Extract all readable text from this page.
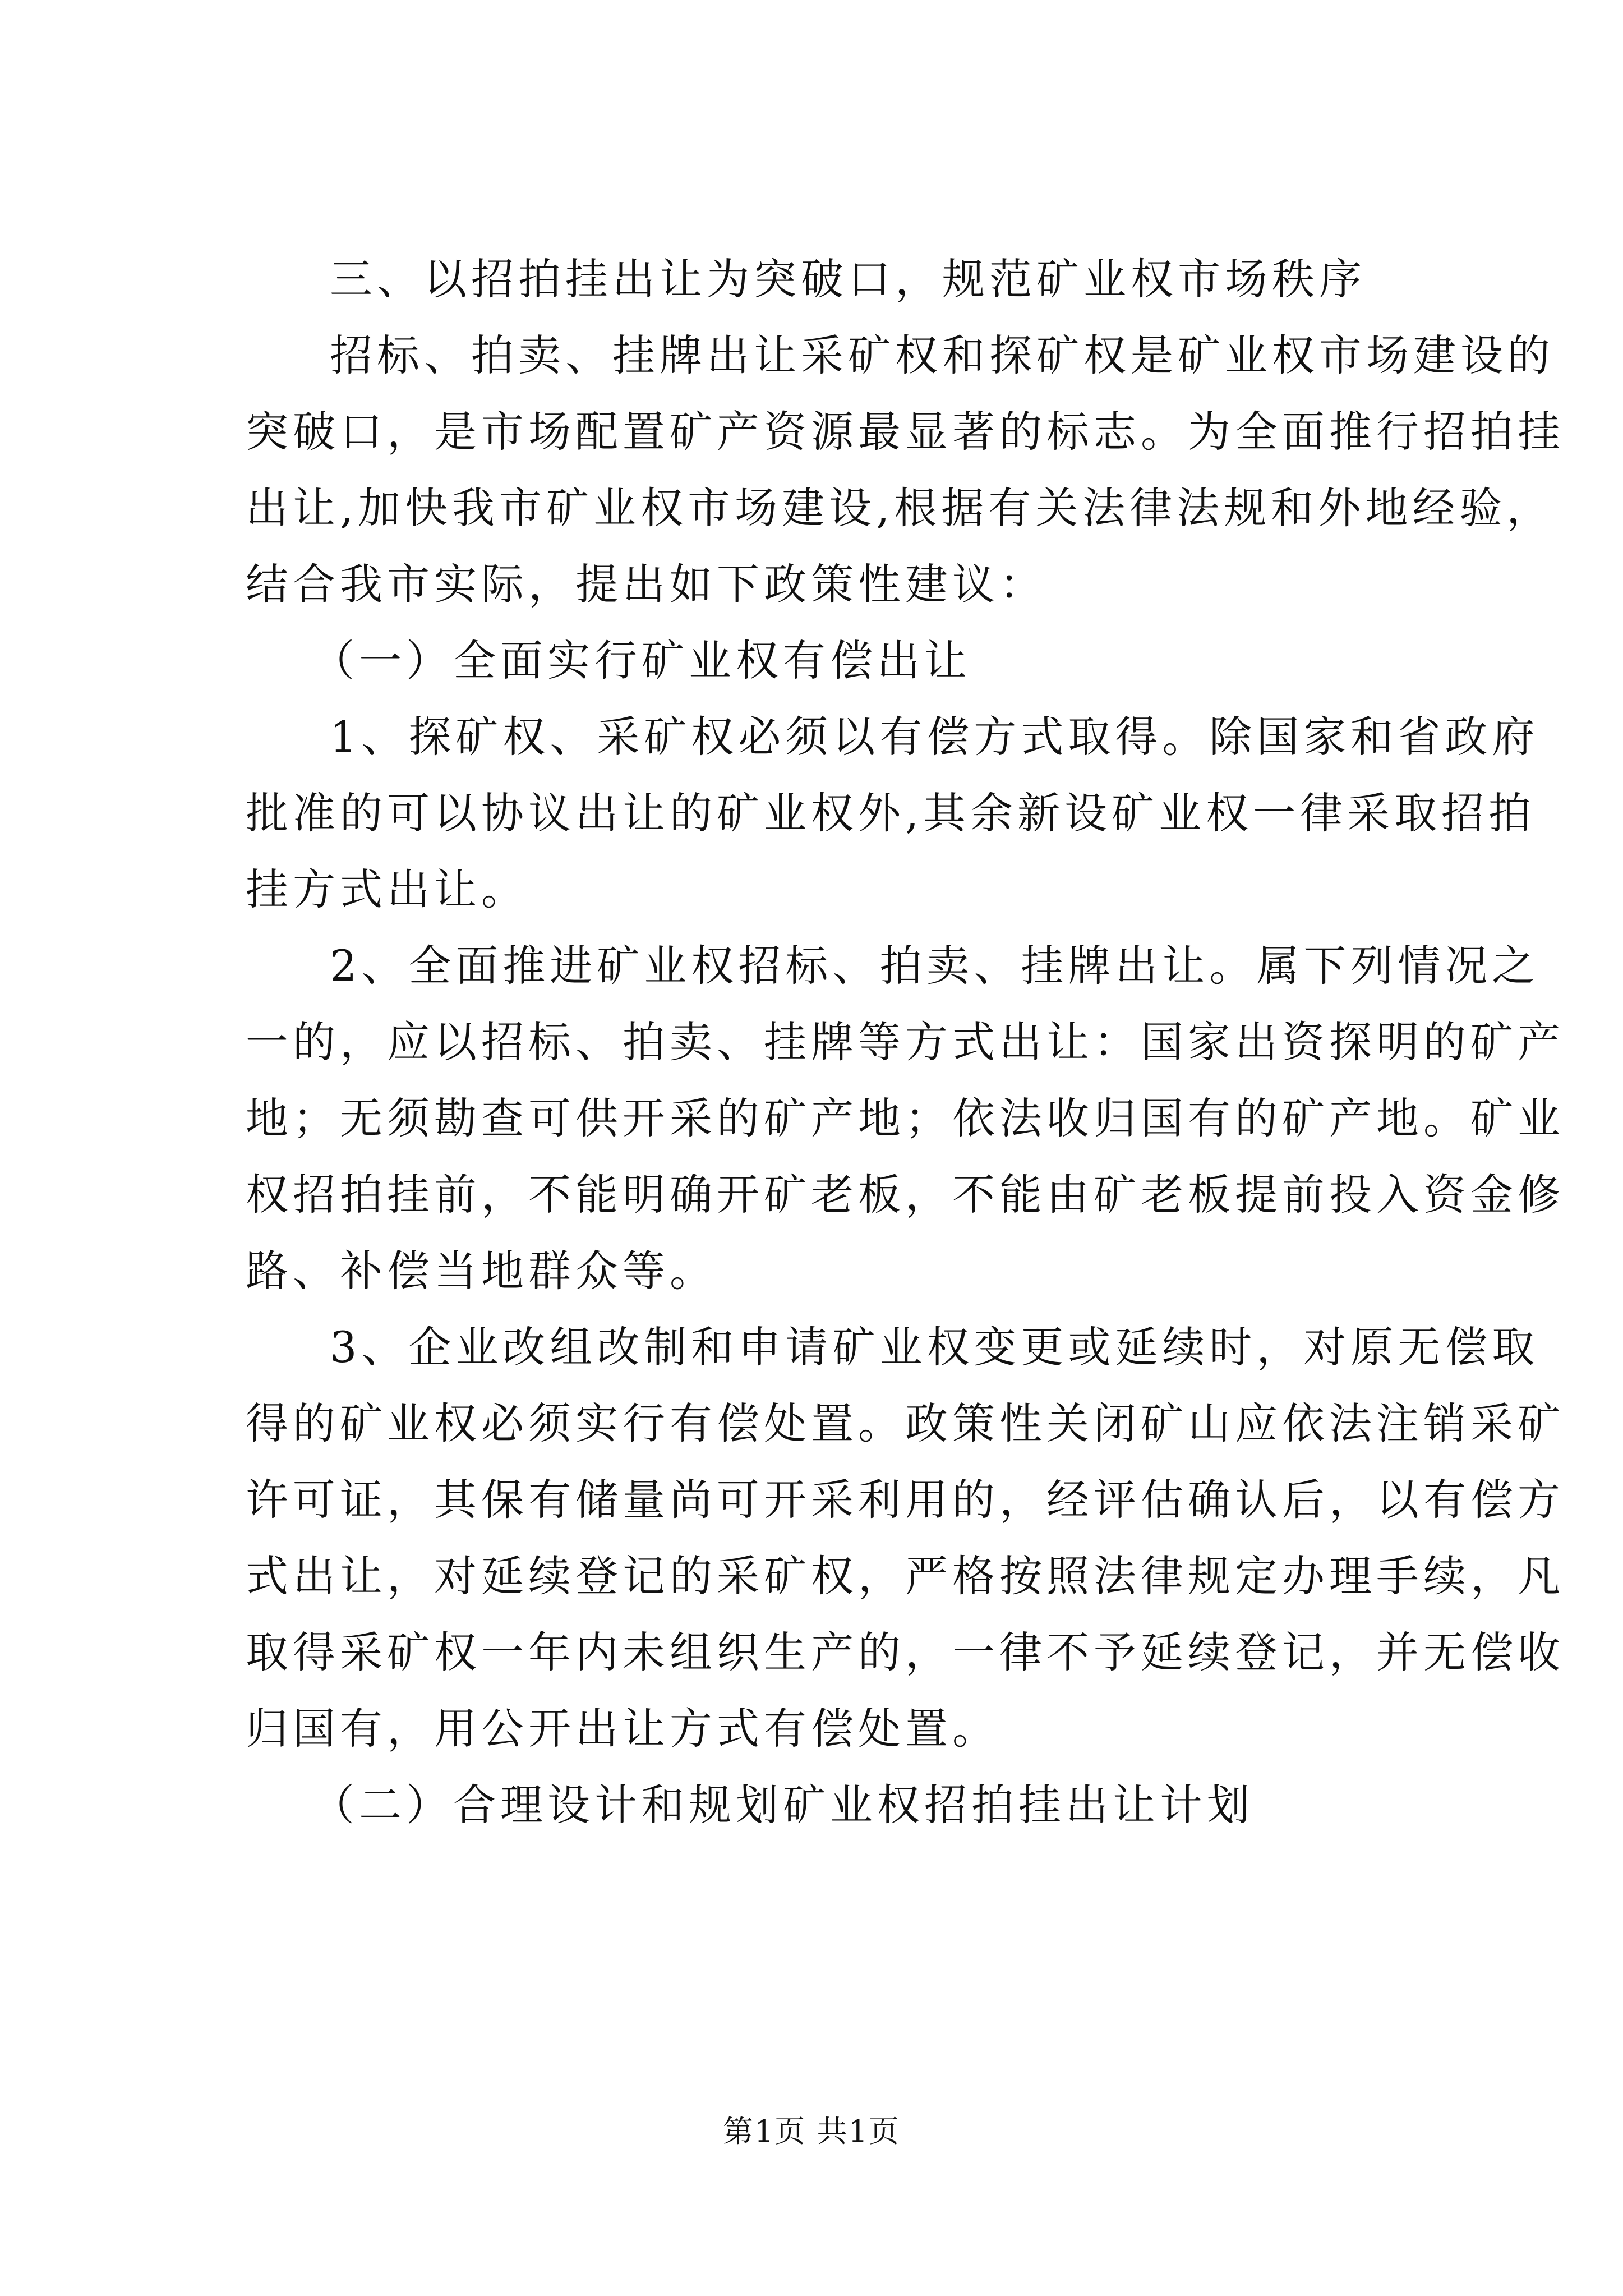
三、以招拍挂出让为突破口，规范矿业权市场秩序
招标、拍卖、挂牌出让采矿权和探矿权是矿业权市场建设的
突破口，是市场配置矿产资源最显著的标志。为全面推行招拍挂
出让,加快我市矿业权市场建设,根据有关法律法规和外地经验，
结合我市实际，提出如下政策性建议：
（一）全面实行矿业权有偿出让
1、探矿权、采矿权必须以有偿方式取得。除国家和省政府
批准的可以协议出让的矿业权外,其余新设矿业权一律采取招拍
挂方式出让。
2、全面推进矿业权招标、拍卖、挂牌出让。属下列情况之
一的，应以招标、拍卖、挂牌等方式出让：国家出资探明的矿产
地；无须勘查可供开采的矿产地；依法收归国有的矿产地。矿业
权招拍挂前，不能明确开矿老板，不能由矿老板提前投入资金修
路、补偿当地群众等。
3、企业改组改制和申请矿业权变更或延续时，对原无偿取
得的矿业权必须实行有偿处置。政策性关闭矿山应依法注销采矿
许可证，其保有储量尚可开采利用的，经评估确认后，以有偿方
式出让，对延续登记的采矿权，严格按照法律规定办理手续，凡
取得采矿权一年内未组织生产的，一律不予延续登记，并无偿收
归国有，用公开出让方式有偿处置。
（二）合理设计和规划矿业权招拍挂出让计划
第1页 共1页
